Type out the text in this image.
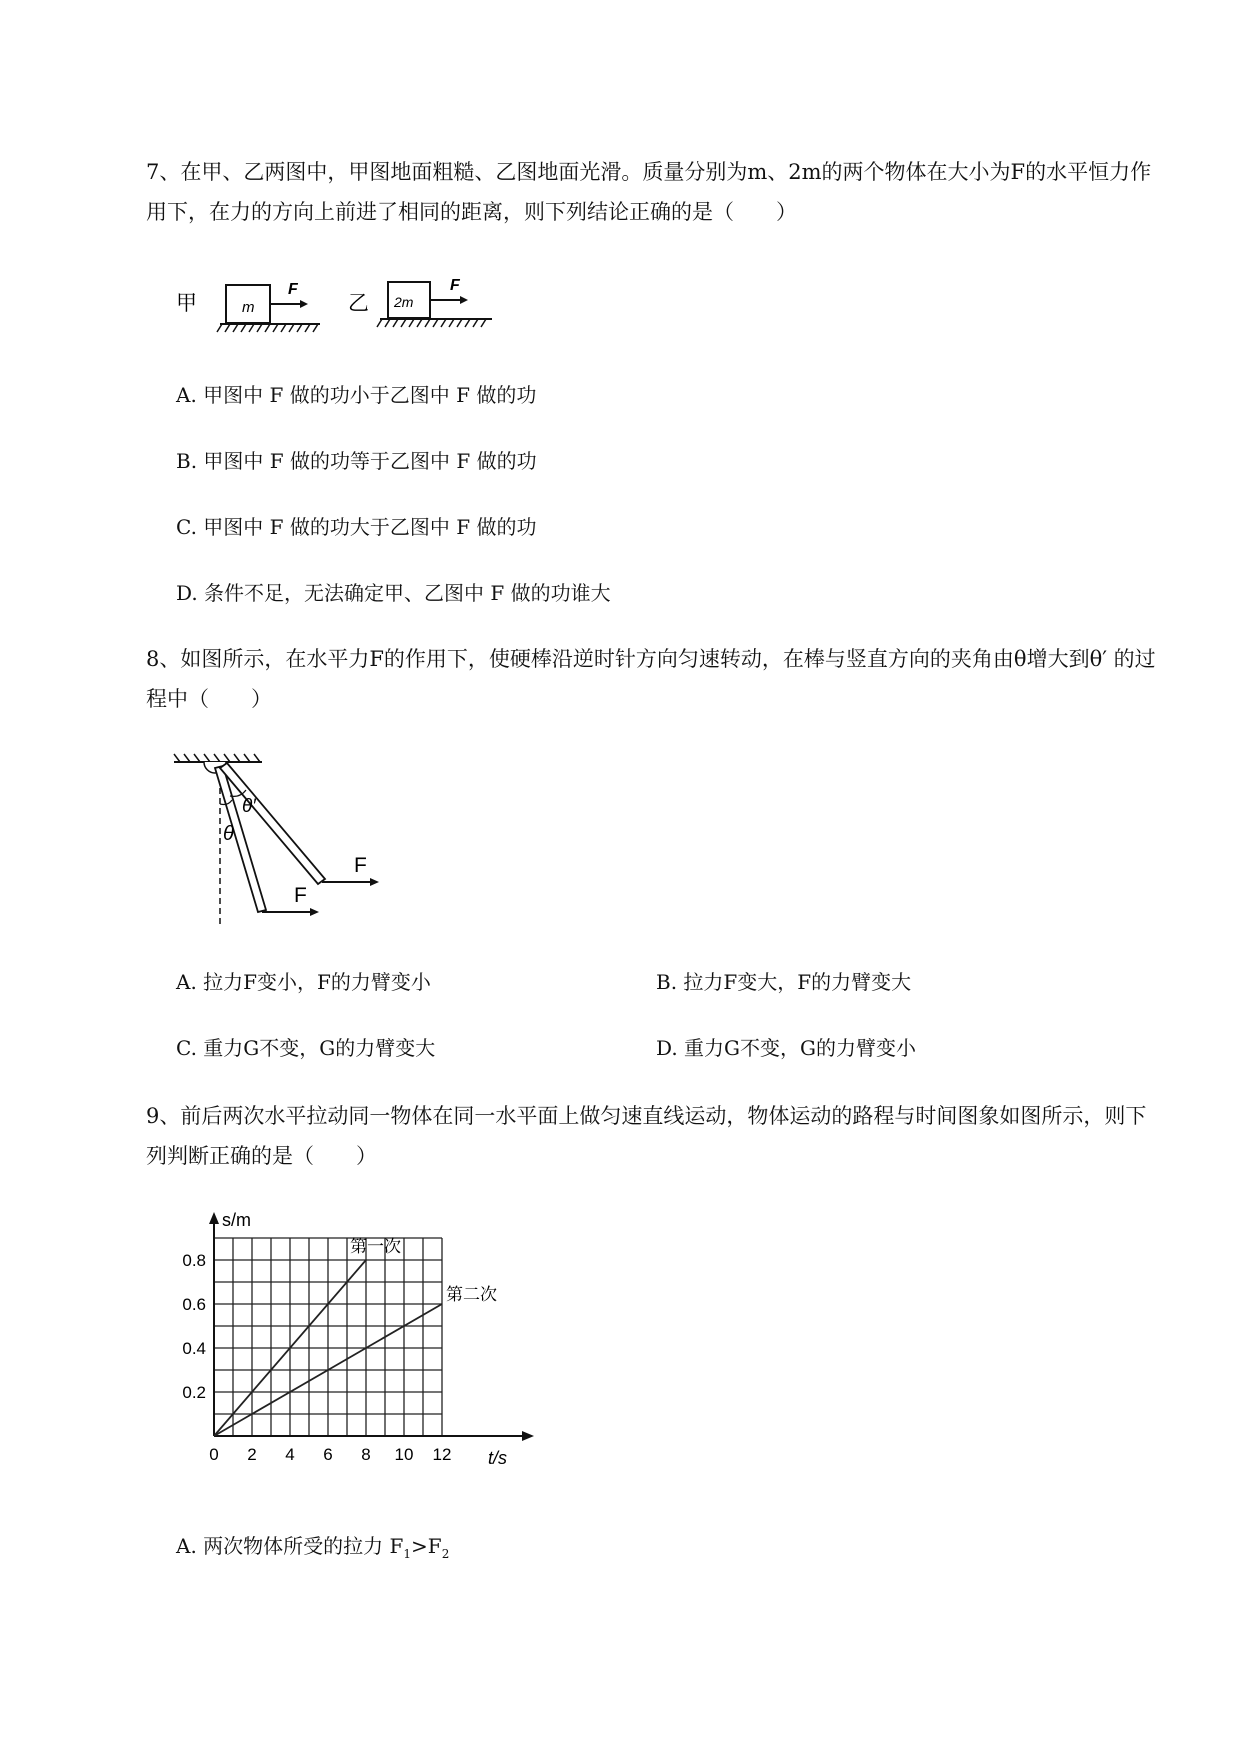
7、在甲、乙两图中，甲图地面粗糙、乙图地面光滑。质量分别为m、2m的两个物体在大小为F的水平恒力作用下，在力的方向上前进了相同的距离，则下列结论正确的是（　　）

甲	m
F
乙 2m
F
A. 甲图中 F 做的功小于乙图中 F 做的功
B. 甲图中 F 做的功等于乙图中 F 做的功
C. 甲图中 F 做的功大于乙图中 F 做的功
D. 条件不足，无法确定甲、乙图中 F 做的功谁大

8、如图所示，在水平力F的作用下，使硬棒沿逆时针方向匀速转动，在棒与竖直方向的夹角由θ增大到θ′ 的过程中（　　）

θ
θ′
F
F
A. 拉力F变小，F的力臂变小	B. 拉力F变大，F的力臂变大
C. 重力G不变，G的力臂变大	D. 重力G不变，G的力臂变小

9、前后两次水平拉动同一物体在同一水平面上做匀速直线运动，物体运动的路程与时间图象如图所示，则下列判断正确的是（　　）

s/m
t/s
0 2 4 6 8 10 12
0.2
0.4
0.6
0.8
第一次
第二次
A. 两次物体所受的拉力 $F_1>F_2$
